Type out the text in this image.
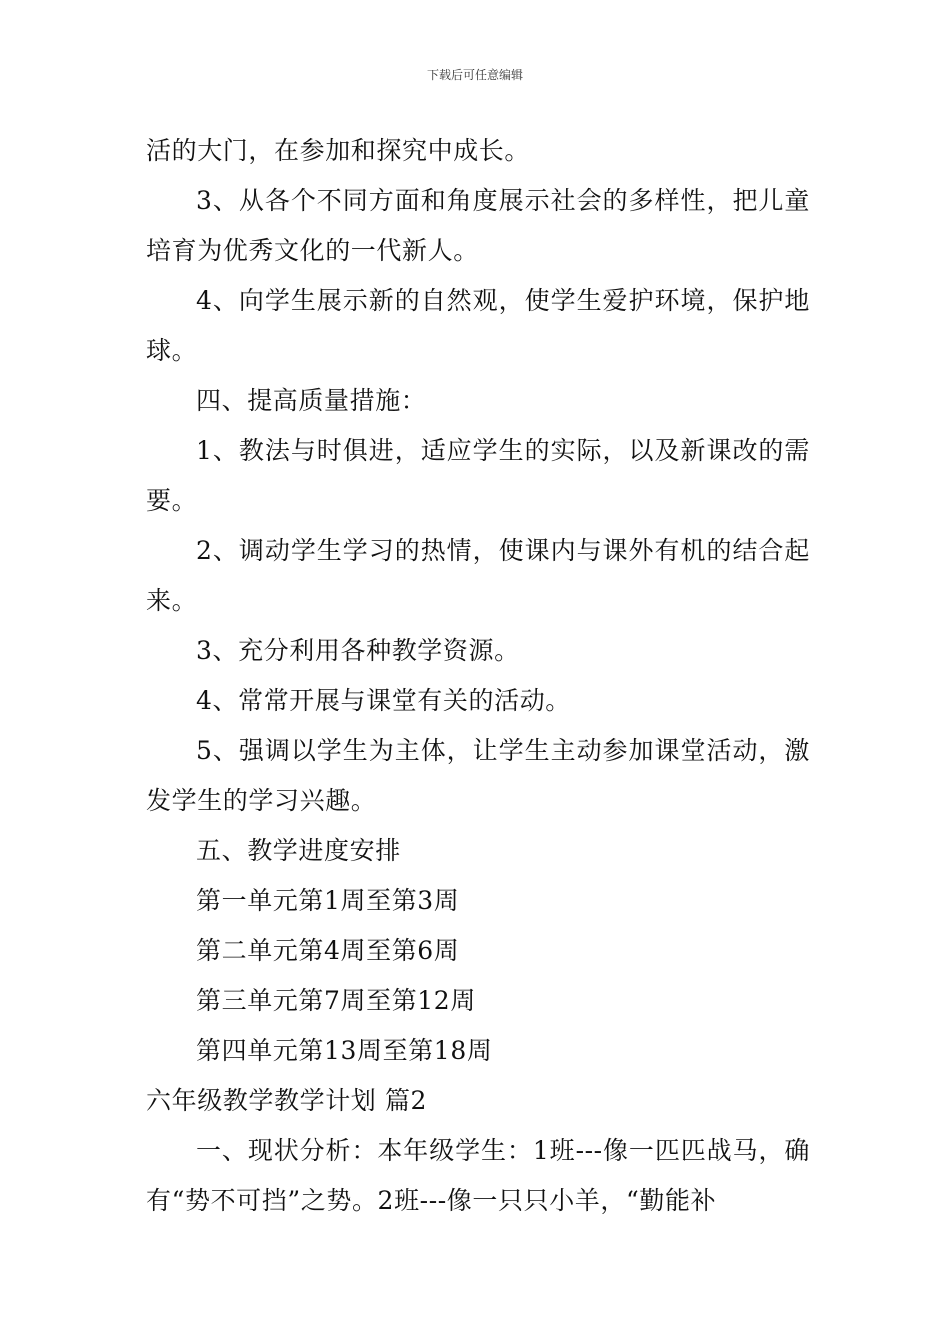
下载后可任意编辑

活的大门，在参加和探究中成长。

3、从各个不同方面和角度展示社会的多样性，把儿童培育为优秀文化的一代新人。

4、向学生展示新的自然观，使学生爱护环境，保护地球。

四、提高质量措施：

1、教法与时俱进，适应学生的实际，以及新课改的需要。

2、调动学生学习的热情，使课内与课外有机的结合起来。

3、充分利用各种教学资源。

4、常常开展与课堂有关的活动。

5、强调以学生为主体，让学生主动参加课堂活动，激发学生的学习兴趣。

五、教学进度安排

第一单元第1周至第3周

第二单元第4周至第6周

第三单元第7周至第12周

第四单元第13周至第18周

六年级教学教学计划 篇2

一、现状分析：本年级学生：1班---像一匹匹战马，确有“势不可挡”之势。2班---像一只只小羊，“勤能补
